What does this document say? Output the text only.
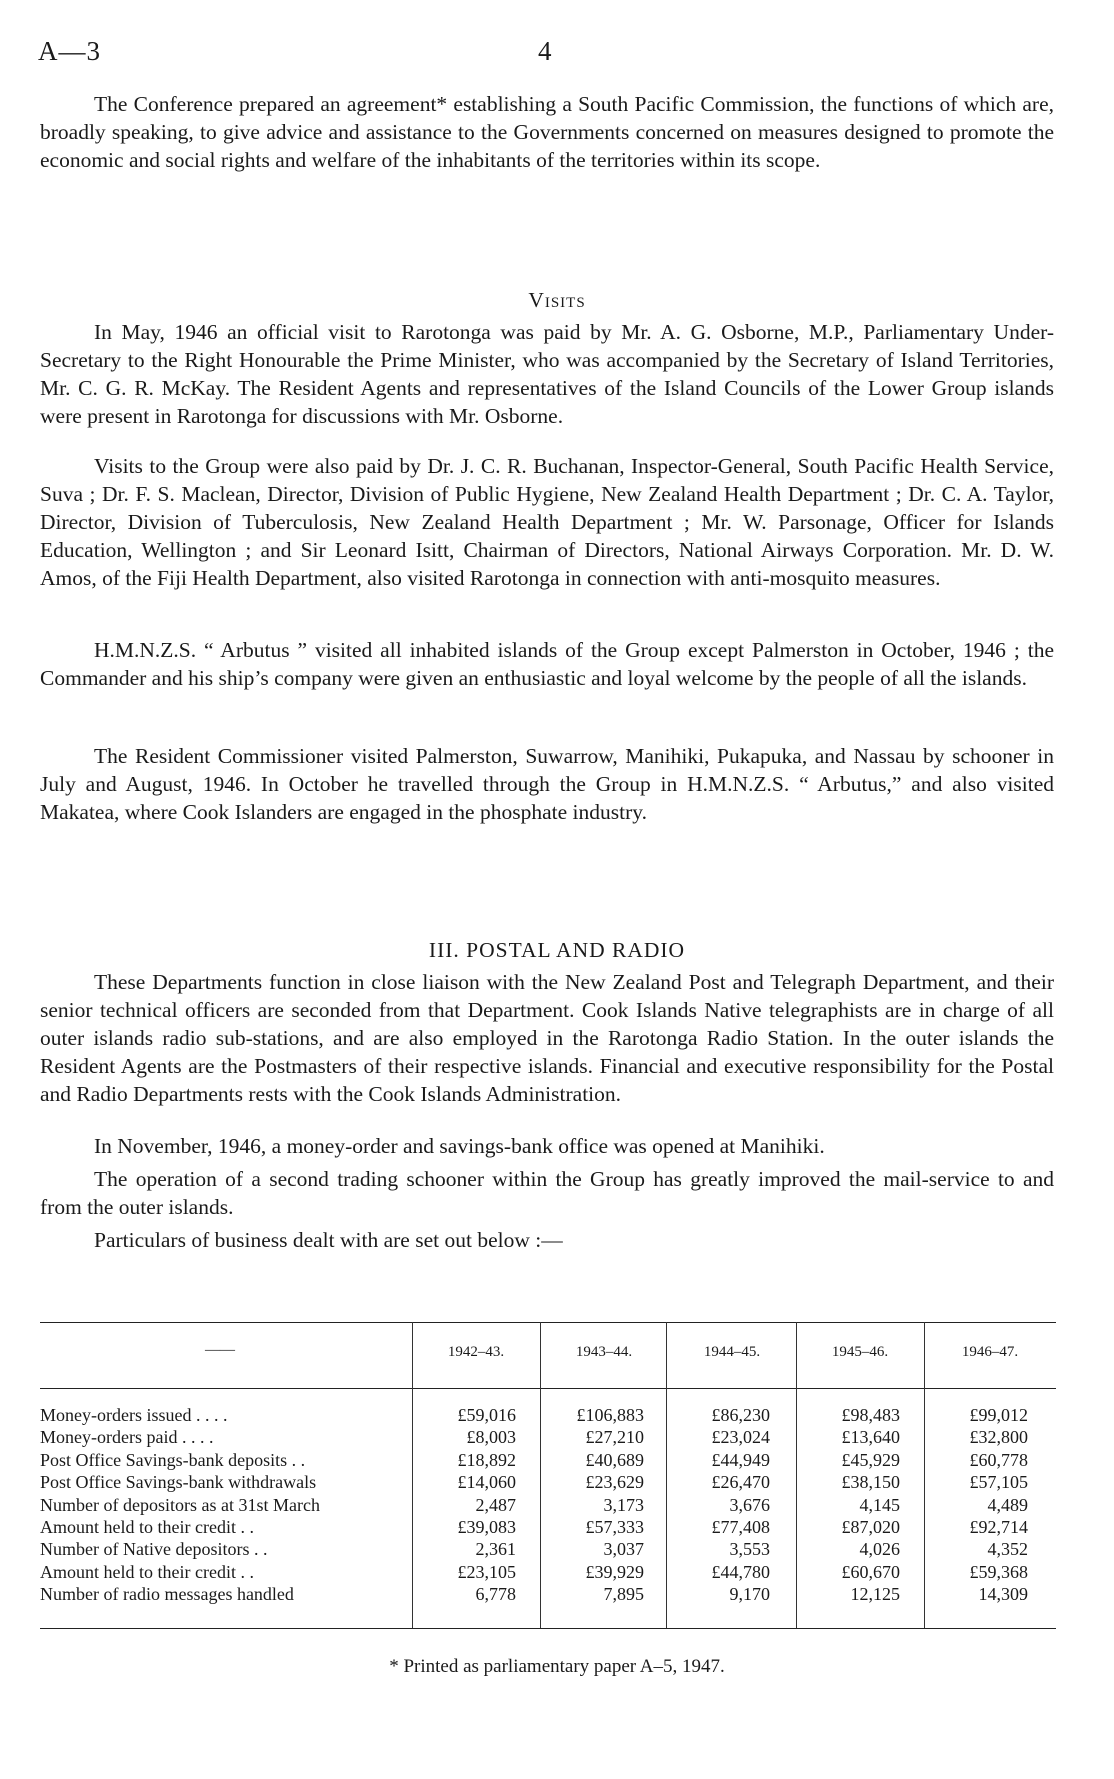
A—3	4

The Conference prepared an agreement* establishing a South Pacific Commission, the functions of which are, broadly speaking, to give advice and assistance to the Governments concerned on measures designed to promote the economic and social rights and welfare of the inhabitants of the territories within its scope.

Visits

In May, 1946 an official visit to Rarotonga was paid by Mr. A. G. Osborne, M.P., Parliamentary Under-Secretary to the Right Honourable the Prime Minister, who was accompanied by the Secretary of Island Territories, Mr. C. G. R. McKay. The Resident Agents and representatives of the Island Councils of the Lower Group islands were present in Rarotonga for discussions with Mr. Osborne.

Visits to the Group were also paid by Dr. J. C. R. Buchanan, Inspector-General, South Pacific Health Service, Suva ; Dr. F. S. Maclean, Director, Division of Public Hygiene, New Zealand Health Department ; Dr. C. A. Taylor, Director, Division of Tuberculosis, New Zealand Health Department ; Mr. W. Parsonage, Officer for Islands Education, Wellington ; and Sir Leonard Isitt, Chairman of Directors, National Airways Corporation. Mr. D. W. Amos, of the Fiji Health Department, also visited Rarotonga in connection with anti-mosquito measures.

H.M.N.Z.S. “ Arbutus ” visited all inhabited islands of the Group except Palmerston in October, 1946 ; the Commander and his ship’s company were given an enthusiastic and loyal welcome by the people of all the islands.

The Resident Commissioner visited Palmerston, Suwarrow, Manihiki, Pukapuka, and Nassau by schooner in July and August, 1946. In October he travelled through the Group in H.M.N.Z.S. “ Arbutus,” and also visited Makatea, where Cook Islanders are engaged in the phosphate industry.

III. POSTAL AND RADIO

These Departments function in close liaison with the New Zealand Post and Telegraph Department, and their senior technical officers are seconded from that Department. Cook Islands Native telegraphists are in charge of all outer islands radio sub-stations, and are also employed in the Rarotonga Radio Station. In the outer islands the Resident Agents are the Postmasters of their respective islands. Financial and executive responsibility for the Postal and Radio Departments rests with the Cook Islands Administration.

In November, 1946, a money-order and savings-bank office was opened at Manihiki.

The operation of a second trading schooner within the Group has greatly improved the mail-service to and from the outer islands.

Particulars of business dealt with are set out below :—

——	1942–43.	1943–44.	1944–45.	1945–46.	1946–47.
Money-orders issued . . . .	£59,016	£106,883	£86,230	£98,483	£99,012
Money-orders paid . . . .	£8,003	£27,210	£23,024	£13,640	£32,800
Post Office Savings-bank deposits . .	£18,892	£40,689	£44,949	£45,929	£60,778
Post Office Savings-bank withdrawals	£14,060	£23,629	£26,470	£38,150	£57,105
Number of depositors as at 31st March	2,487	3,173	3,676	4,145	4,489
Amount held to their credit . .	£39,083	£57,333	£77,408	£87,020	£92,714
Number of Native depositors . .	2,361	3,037	3,553	4,026	4,352
Amount held to their credit . .	£23,105	£39,929	£44,780	£60,670	£59,368
Number of radio messages handled	6,778	7,895	9,170	12,125	14,309
* Printed as parliamentary paper A–5, 1947.
